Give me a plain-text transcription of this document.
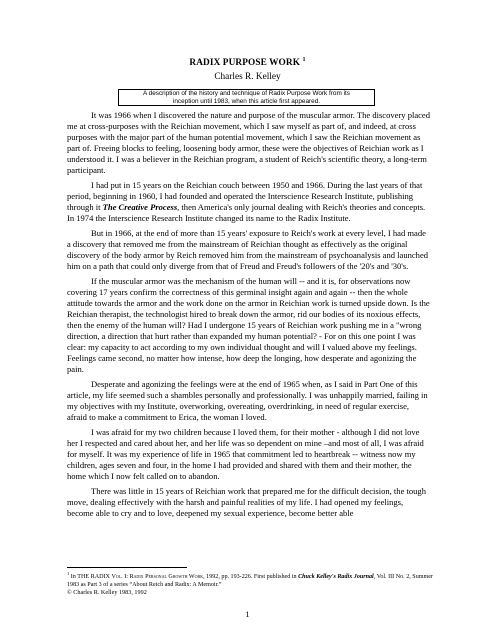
RADIX PURPOSE WORK $^1$
Charles R. Kelley
A description of the history and technique of Radix Purpose Work from its
inception until 1983, when this article first appeared.

It was 1966 when I discovered the nature and purpose of the muscular armor. The discovery placed me at cross-purposes with the Reichian movement, which I saw myself as part of, and indeed, at cross purposes with the major part of the human potential movement, which I saw the Reichian movement as part of. Freeing blocks to feeling, loosening body armor, these were the objectives of Reichian work as I understood it. I was a believer in the Reichian program, a student of Reich's scientific theory, a long-term participant.

I had put in 15 years on the Reichian couch between 1950 and 1966. During the last years of that period, beginning in 1960, I had founded and operated the Interscience Research Institute, publishing through it The Creative Process, then America's only journal dealing with Reich's theories and concepts. In 1974 the Interscience Research Institute changed its name to the Radix Institute.

But in 1966, at the end of more than 15 years' exposure to Reich's work at every level, I had made a discovery that removed me from the mainstream of Reichian thought as effectively as the original discovery of the body armor by Reich removed him from the mainstream of psychoanalysis and launched him on a path that could only diverge from that of Freud and Freud's followers of the '20's and '30's.

If the muscular armor was the mechanism of the human will -- and it is, for observations now covering 17 years confirm the correctness of this germinal insight again and again -- then the whole attitude towards the armor and the work done on the armor in Reichian work is turned upside down. Is the Reichian therapist, the technologist hired to break down the armor, rid our bodies of its noxious effects, then the enemy of the human will? Had I undergone 15 years of Reichian work pushing me in a "wrong direction, a direction that hurt rather than expanded my human potential? - For on this one point I was clear: my capacity to act according to my own individual thought and will I valued above my feelings. Feelings came second, no matter how intense, how deep the longing, how desperate and agonizing the pain.

Desperate and agonizing the feelings were at the end of 1965 when, as I said in Part One of this article, my life seemed such a shambles personally and professionally. I was unhappily married, failing in my objectives with my Institute, overworking, overeating, overdrinking, in need of regular exercise, afraid to make a commitment to Erica, the woman I loved.

I was afraid for my two children because I loved them, for their mother - although I did not love her I respected and cared about her, and her life was so dependent on mine –and most of all, I was afraid for myself. It was my experience of life in 1965 that commitment led to heartbreak -- witness now my children, ages seven and four, in the home I had provided and shared with them and their mother, the home which I now felt called on to abandon.

There was little in 15 years of Reichian work that prepared me for the difficult decision, the tough move, dealing effectively with the harsh and painful realities of my life. I had opened my feelings, become able to cry and to love, deepened my sexual experience, become better able

$^1$ In THE RADIX Vol. I: Radix Personal Growth Work, 1992, pp. 193-226. First published in Chuck Kelley's Radix Journal, Vol. III No. 2, Summer 1983 as Part 3 of a series “About Reich and Radix: A Memoir.”
© Charles R. Kelley 1983, 1992
1
